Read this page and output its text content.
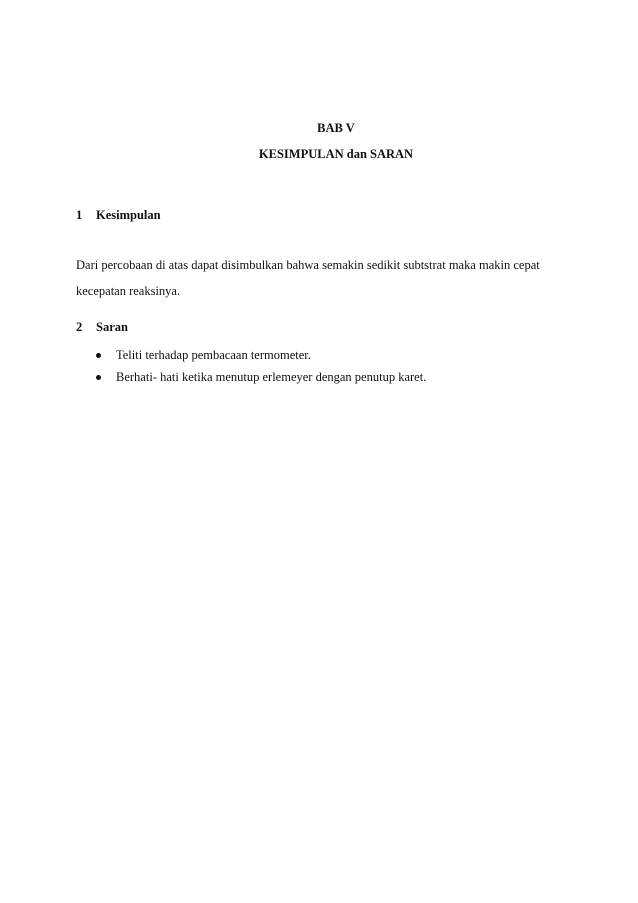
BAB V
KESIMPULAN dan SARAN
1	Kesimpulan
Dari percobaan di atas dapat disimbulkan bahwa semakin sedikit subtstrat maka makin cepat
kecepatan reaksinya.
2	Saran
Teliti terhadap pembacaan termometer.
Berhati- hati ketika menutup erlemeyer dengan penutup karet.
